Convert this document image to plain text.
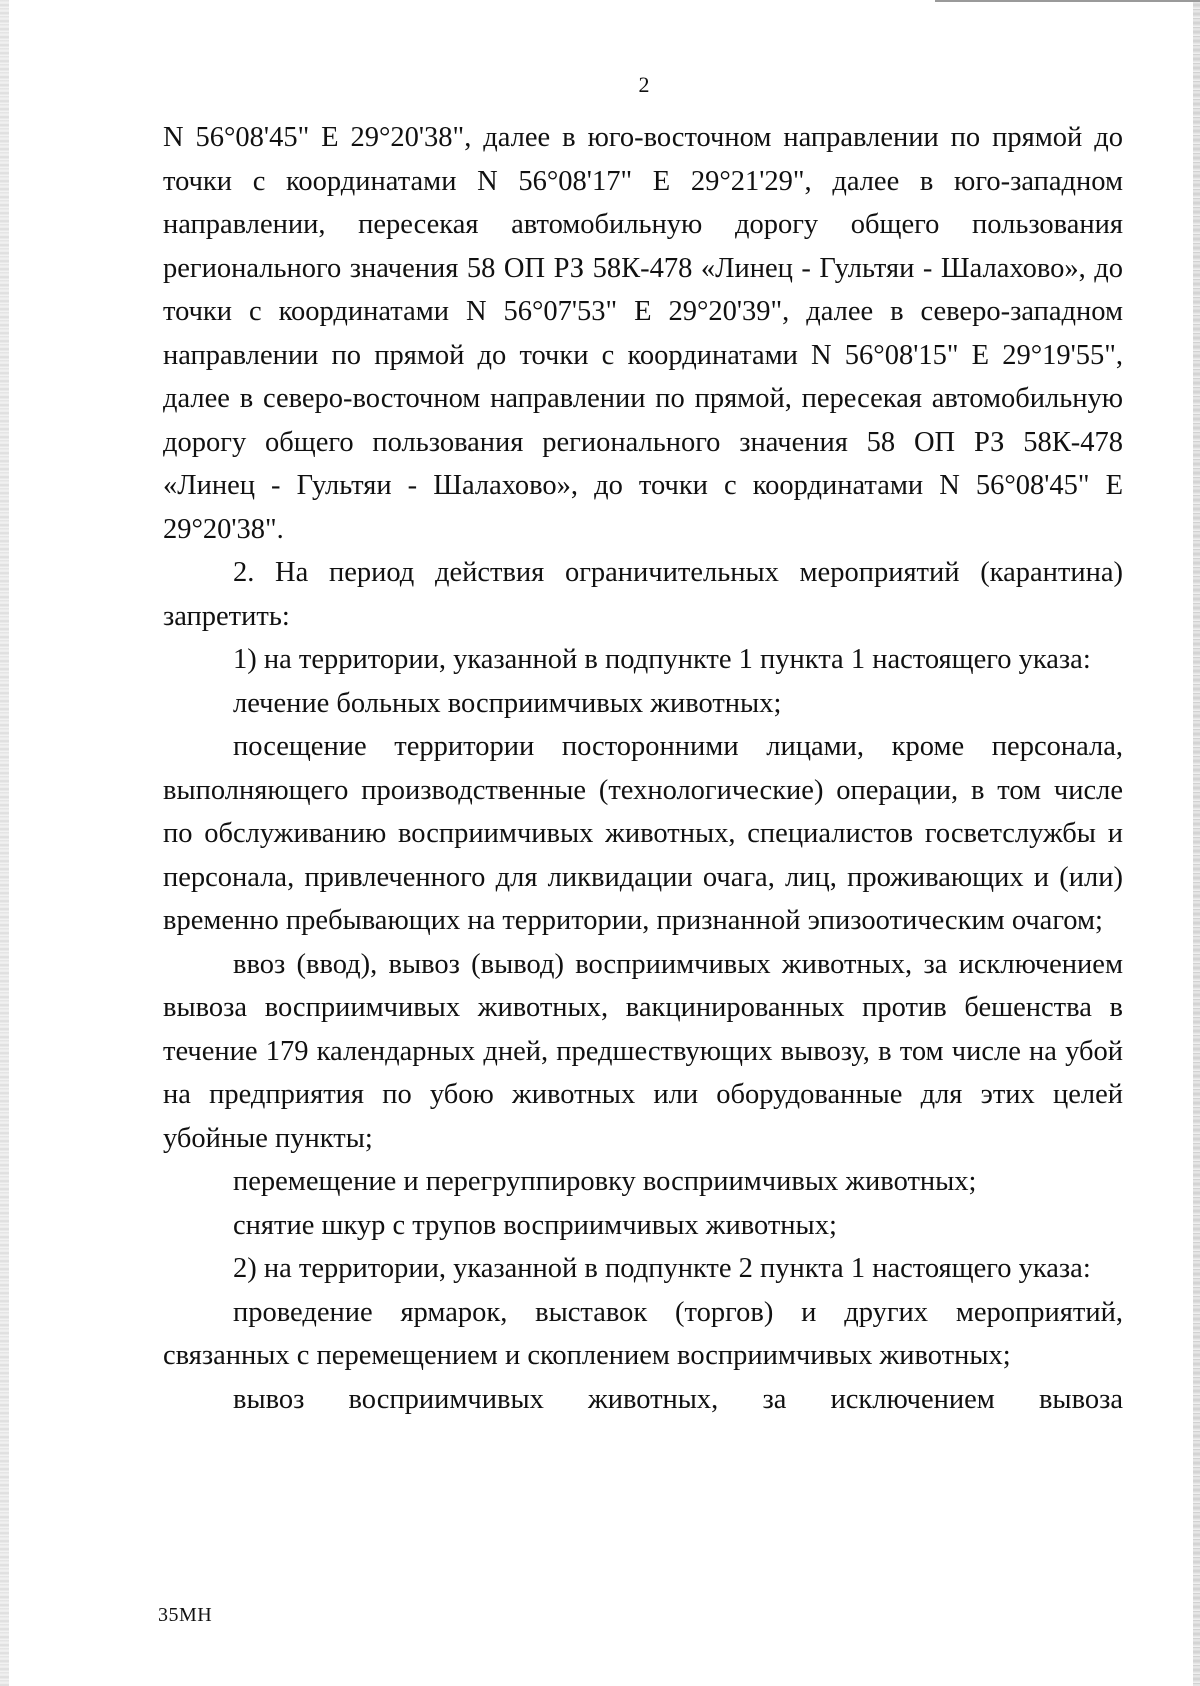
2

N 56°08'45" E 29°20'38", далее в юго-восточном направлении по прямой до точки с координатами N 56°08'17" E 29°21'29", далее в юго-западном направлении, пересекая автомобильную дорогу общего пользования регионального значения 58 ОП РЗ 58К-478 «Линец - Гультяи - Шалахово», до точки с координатами N 56°07'53" E 29°20'39", далее в северо-западном направлении по прямой до точки с координатами N 56°08'15" E 29°19'55", далее в северо-восточном направлении по прямой, пересекая автомобильную дорогу общего пользования регионального значения 58 ОП РЗ 58К-478 «Линец - Гультяи - Шалахово», до точки с координатами N 56°08'45" E 29°20'38".

2. На период действия ограничительных мероприятий (карантина) запретить:

1) на территории, указанной в подпункте 1 пункта 1 настоящего указа:

лечение больных восприимчивых животных;

посещение территории посторонними лицами, кроме персонала, выполняющего производственные (технологические) операции, в том числе по обслуживанию восприимчивых животных, специалистов госветслужбы и персонала, привлеченного для ликвидации очага, лиц, проживающих и (или) временно пребывающих на территории, признанной эпизоотическим очагом;

ввоз (ввод), вывоз (вывод) восприимчивых животных, за исключением вывоза восприимчивых животных, вакцинированных против бешенства в течение 179 календарных дней, предшествующих вывозу, в том числе на убой на предприятия по убою животных или оборудованные для этих целей убойные пункты;

перемещение и перегруппировку восприимчивых животных;

снятие шкур с трупов восприимчивых животных;

2) на территории, указанной в подпункте 2 пункта 1 настоящего указа:

проведение ярмарок, выставок (торгов) и других мероприятий, связанных с перемещением и скоплением восприимчивых животных;

вывоз восприимчивых животных, за исключением вывоза

35МН
